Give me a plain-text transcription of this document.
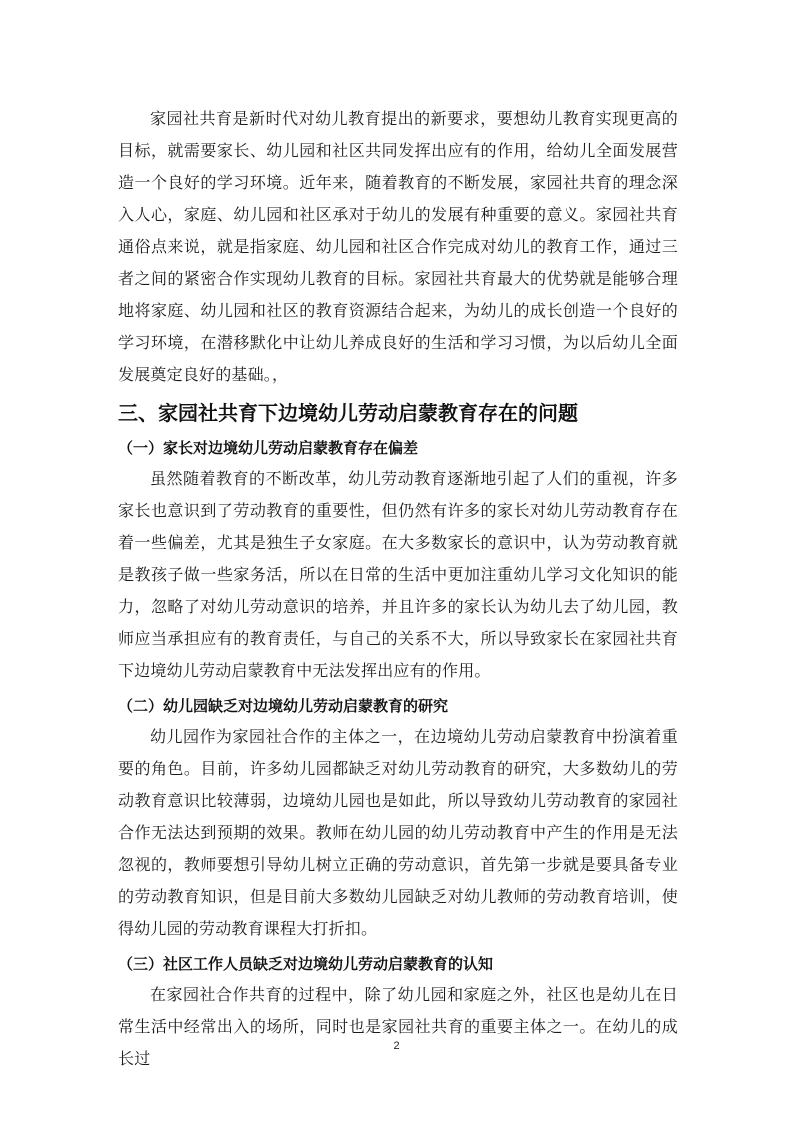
家园社共育是新时代对幼儿教育提出的新要求，要想幼儿教育实现更高的目标，就需要家长、幼儿园和社区共同发挥出应有的作用，给幼儿全面发展营造一个良好的学习环境。近年来，随着教育的不断发展，家园社共育的理念深入人心，家庭、幼儿园和社区承对于幼儿的发展有种重要的意义。家园社共育通俗点来说，就是指家庭、幼儿园和社区合作完成对幼儿的教育工作，通过三者之间的紧密合作实现幼儿教育的目标。家园社共育最大的优势就是能够合理地将家庭、幼儿园和社区的教育资源结合起来，为幼儿的成长创造一个良好的学习环境，在潜移默化中让幼儿养成良好的生活和学习习惯，为以后幼儿全面发展奠定良好的基础。，

三、家园社共育下边境幼儿劳动启蒙教育存在的问题
（一）家长对边境幼儿劳动启蒙教育存在偏差

虽然随着教育的不断改革，幼儿劳动教育逐渐地引起了人们的重视，许多家长也意识到了劳动教育的重要性，但仍然有许多的家长对幼儿劳动教育存在着一些偏差，尤其是独生子女家庭。在大多数家长的意识中，认为劳动教育就是教孩子做一些家务活，所以在日常的生活中更加注重幼儿学习文化知识的能力，忽略了对幼儿劳动意识的培养，并且许多的家长认为幼儿去了幼儿园，教师应当承担应有的教育责任，与自己的关系不大，所以导致家长在家园社共育下边境幼儿劳动启蒙教育中无法发挥出应有的作用。

（二）幼儿园缺乏对边境幼儿劳动启蒙教育的研究

幼儿园作为家园社合作的主体之一，在边境幼儿劳动启蒙教育中扮演着重要的角色。目前，许多幼儿园都缺乏对幼儿劳动教育的研究，大多数幼儿的劳动教育意识比较薄弱，边境幼儿园也是如此，所以导致幼儿劳动教育的家园社合作无法达到预期的效果。教师在幼儿园的幼儿劳动教育中产生的作用是无法忽视的，教师要想引导幼儿树立正确的劳动意识，首先第一步就是要具备专业的劳动教育知识，但是目前大多数幼儿园缺乏对幼儿教师的劳动教育培训，使得幼儿园的劳动教育课程大打折扣。

（三）社区工作人员缺乏对边境幼儿劳动启蒙教育的认知

在家园社合作共育的过程中，除了幼儿园和家庭之外，社区也是幼儿在日常生活中经常出入的场所，同时也是家园社共育的重要主体之一。在幼儿的成长过

2
